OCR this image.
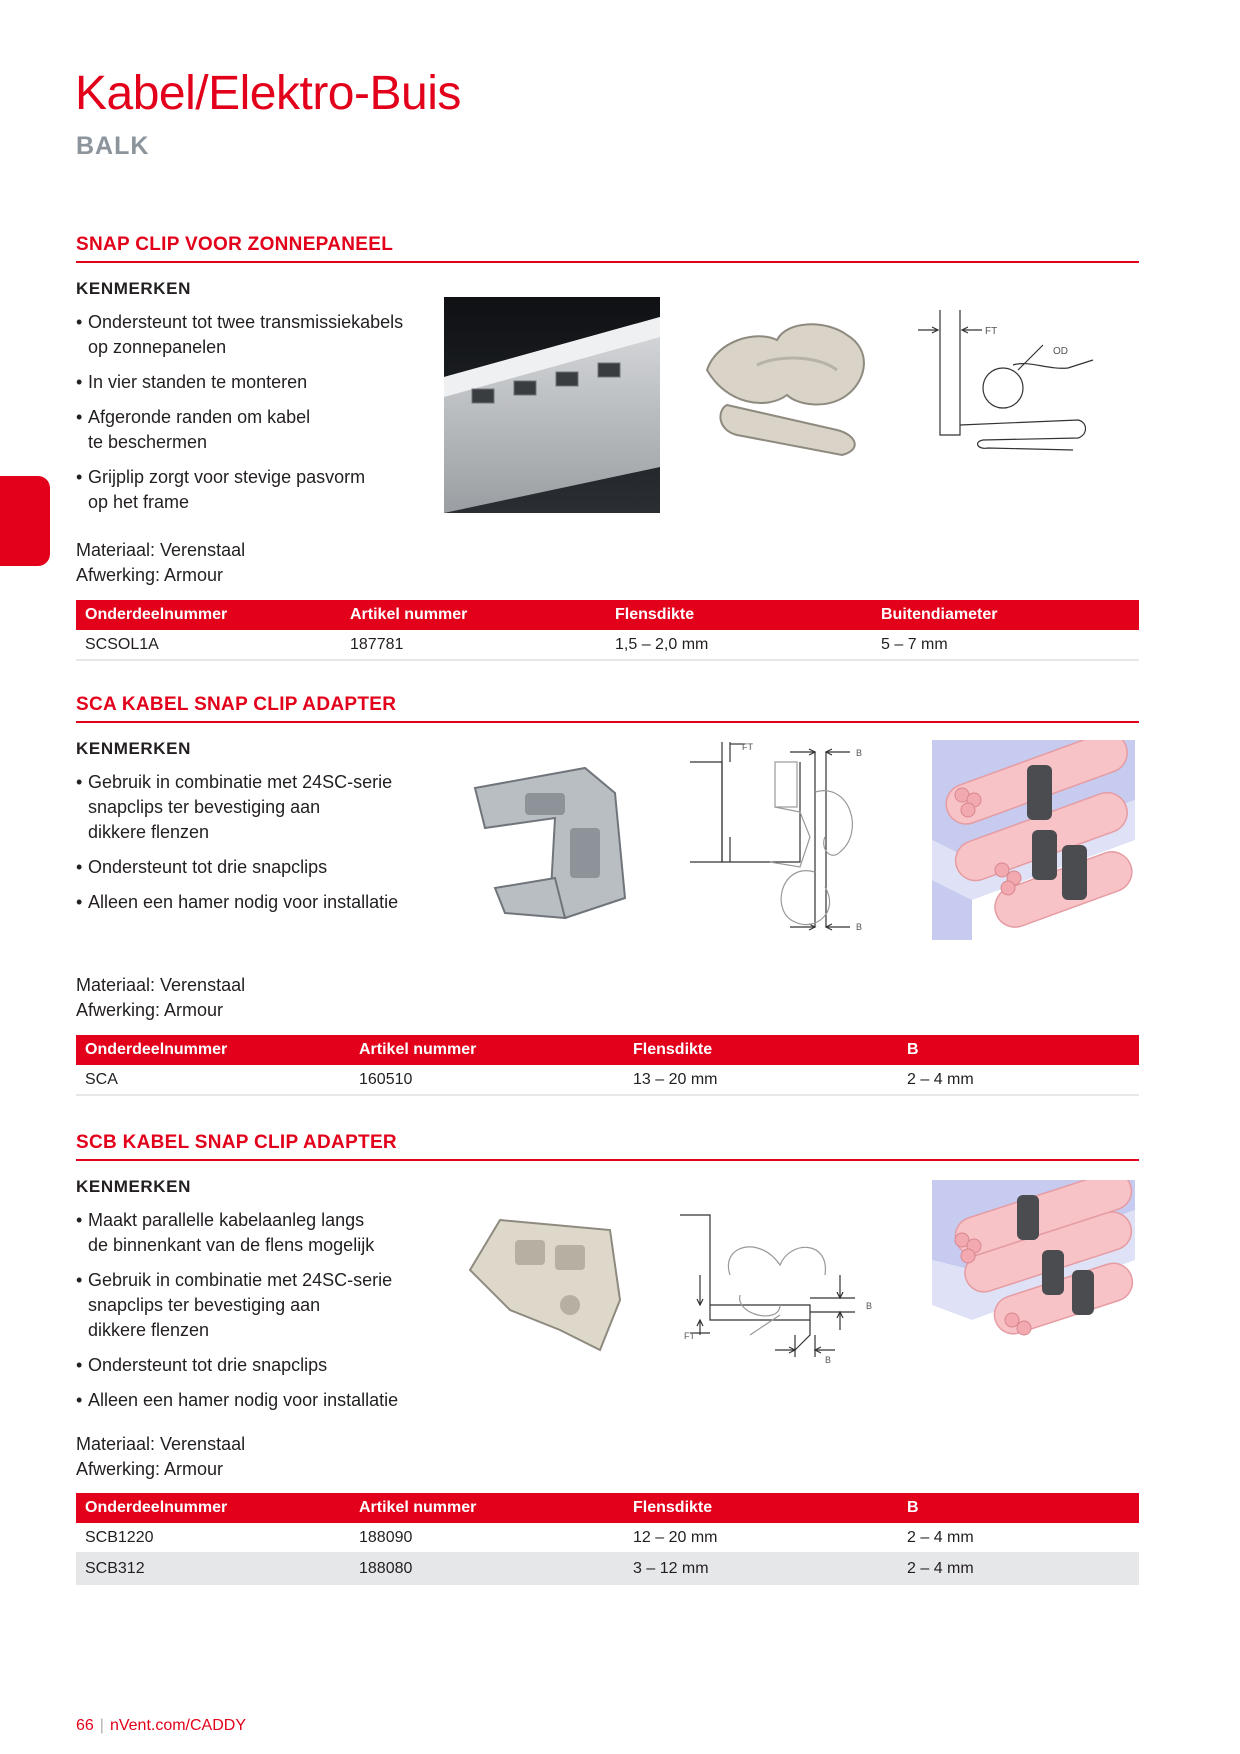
Kabel/Elektro-Buis
BALK
SNAP CLIP VOOR ZONNEPANEEL
KENMERKEN
• Ondersteunt tot twee transmissiekabels
op zonnepanelen
• In vier standen te monteren
• Afgeronde randen om kabel
te beschermen
• Grijplip zorgt voor stevige pasvorm
op het frame
Materiaal: Verenstaal
Afwerking: Armour
FT
OD
Onderdeelnummer	Artikel nummer	Flensdikte	Buitendiameter
SCSOL1A	187781	1,5 – 2,0 mm	5 – 7 mm
SCA KABEL SNAP CLIP ADAPTER
KENMERKEN
• Gebruik in combinatie met 24SC-serie
snapclips ter bevestiging aan
dikkere flenzen
• Ondersteunt tot drie snapclips
• Alleen een hamer nodig voor installatie
Materiaal: Verenstaal
Afwerking: Armour
FT
B
B
Onderdeelnummer	Artikel nummer	Flensdikte	B
SCA	160510	13 – 20 mm	2 – 4 mm
SCB KABEL SNAP CLIP ADAPTER
KENMERKEN
• Maakt parallelle kabelaanleg langs
de binnenkant van de flens mogelijk
• Gebruik in combinatie met 24SC-serie
snapclips ter bevestiging aan
dikkere flenzen
• Ondersteunt tot drie snapclips
• Alleen een hamer nodig voor installatie
Materiaal: Verenstaal
Afwerking: Armour
FT
B
B
Onderdeelnummer	Artikel nummer	Flensdikte	B
SCB1220	188090	12 – 20 mm	2 – 4 mm
SCB312	188080	3 – 12 mm	2 – 4 mm
66 | nVent.com/CADDY
